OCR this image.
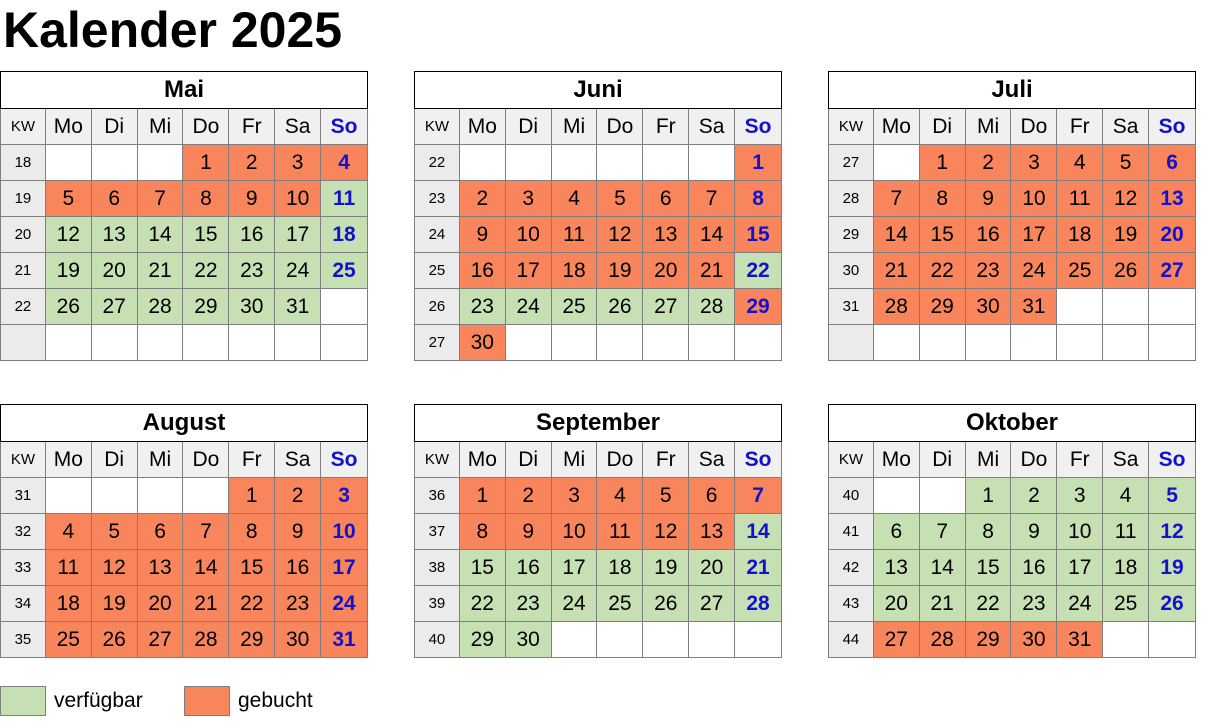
Kalender 2025
Mai							
KW	Mo	Di	Mi	Do	Fr	Sa	So
18				1	2	3	4
19	5	6	7	8	9	10	11
20	12	13	14	15	16	17	18
21	19	20	21	22	23	24	25
22	26	27	28	29	30	31	

Juni							
KW	Mo	Di	Mi	Do	Fr	Sa	So
22							1
23	2	3	4	5	6	7	8
24	9	10	11	12	13	14	15
25	16	17	18	19	20	21	22
26	23	24	25	26	27	28	29
27	30						
Juli							
KW	Mo	Di	Mi	Do	Fr	Sa	So
27		1	2	3	4	5	6
28	7	8	9	10	11	12	13
29	14	15	16	17	18	19	20
30	21	22	23	24	25	26	27
31	28	29	30	31			

August							
KW	Mo	Di	Mi	Do	Fr	Sa	So
31					1	2	3
32	4	5	6	7	8	9	10
33	11	12	13	14	15	16	17
34	18	19	20	21	22	23	24
35	25	26	27	28	29	30	31
September							
KW	Mo	Di	Mi	Do	Fr	Sa	So
36	1	2	3	4	5	6	7
37	8	9	10	11	12	13	14
38	15	16	17	18	19	20	21
39	22	23	24	25	26	27	28
40	29	30					
Oktober							
KW	Mo	Di	Mi	Do	Fr	Sa	So
40			1	2	3	4	5
41	6	7	8	9	10	11	12
42	13	14	15	16	17	18	19
43	20	21	22	23	24	25	26
44	27	28	29	30	31		
verfügbar	gebucht
